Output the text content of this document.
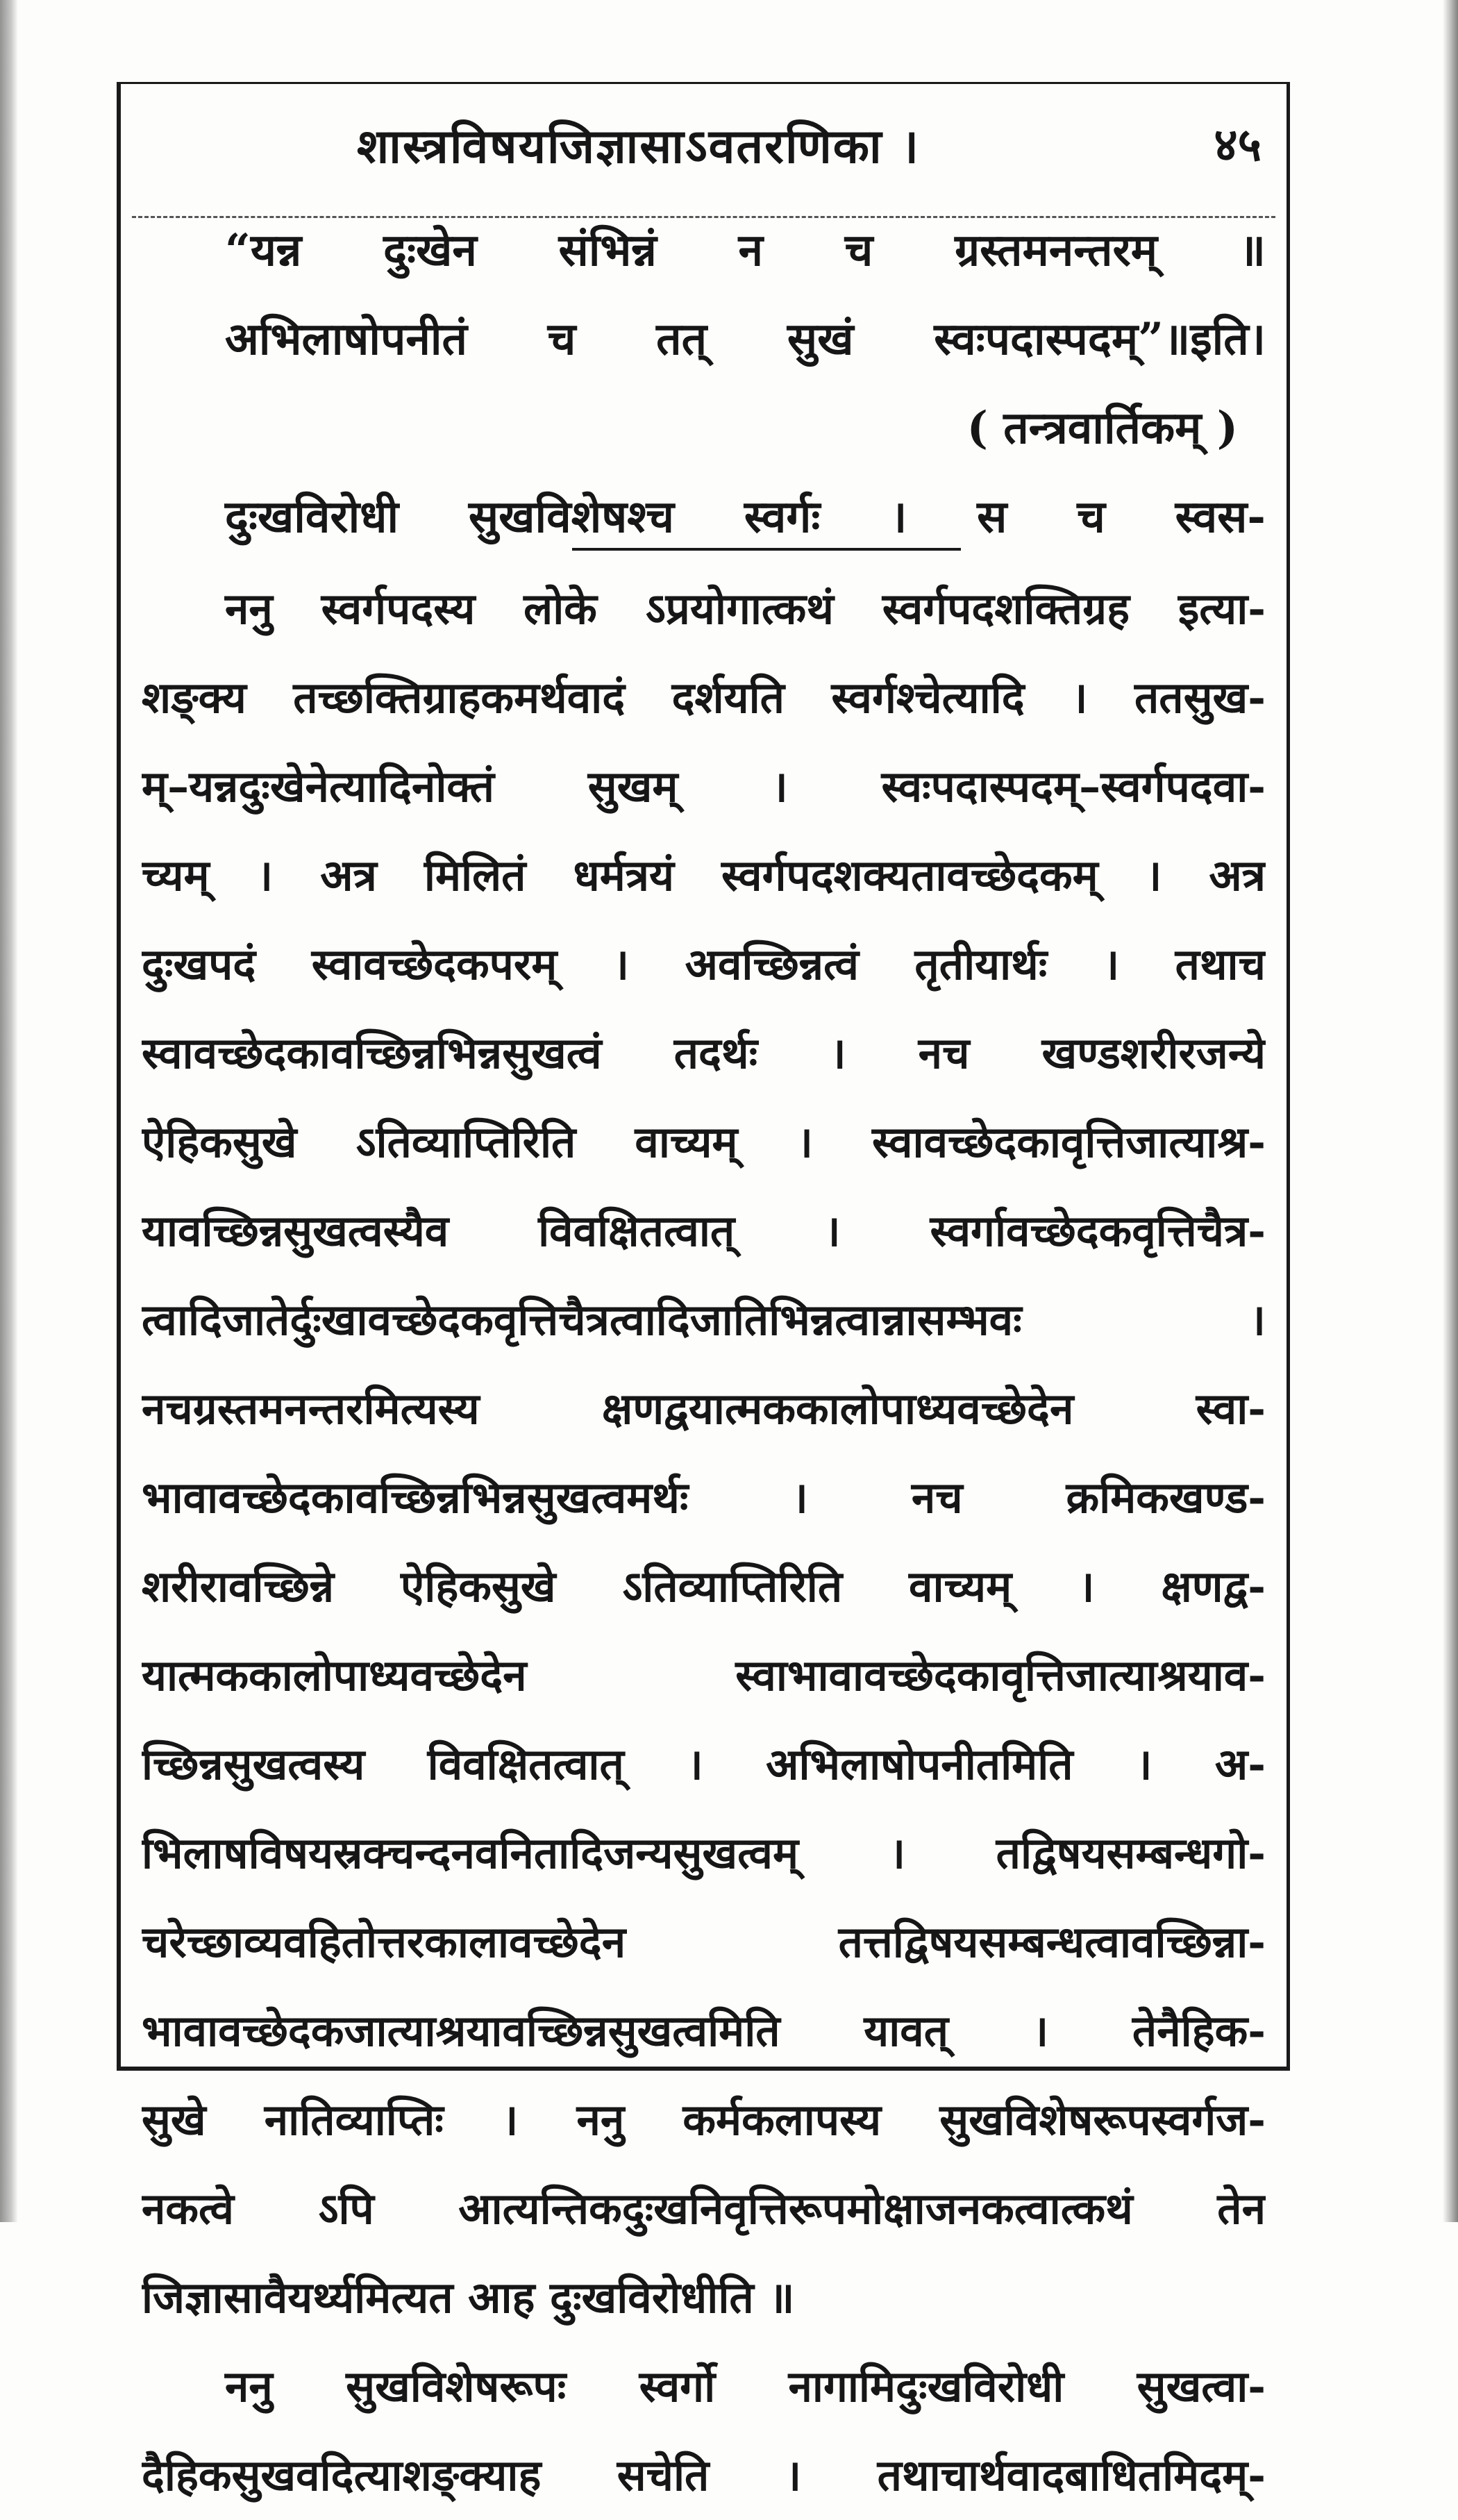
शास्त्रविषयजिज्ञासाऽवतरणिका ।	४५
“यन्न दुःखेन संभिन्नं न च ग्रस्तमनन्तरम् ॥
अभिलाषोपनीतं च तत् सुखं स्वःपदास्पदम्”॥इति।
( तन्त्रवार्तिकम् )
दुःखविरोधी सुखविशेषश्च स्वर्गः । स च स्वस-
ननु स्वर्गपदस्य लोके ऽप्रयोगात्कथं स्वर्गपदशक्तिग्रह इत्या-
शङ्क्य तच्छक्तिग्राहकमर्थवादं दर्शयति स्वर्गश्चेत्यादि । ततसुख-
म्–यन्नदुःखेनेत्यादिनोक्तं सुखम् । स्वःपदास्पदम्–स्वर्गपदवा-
च्यम् । अत्र मिलितं धर्मत्रयं स्वर्गपदशक्यतावच्छेदकम् । अत्र
दुःखपदं स्वावच्छेदकपरम् । अवच्छिन्नत्वं तृतीयार्थः । तथाच
स्वावच्छेदकावच्छिन्नभिन्नसुखत्वं तदर्थः । नच खण्डशरीरजन्ये
ऐहिकसुखे ऽतिव्याप्तिरिति वाच्यम् । स्वावच्छेदकावृत्तिजात्याश्र-
यावच्छिन्नसुखत्वस्यैव विवक्षितत्वात् । स्वर्गावच्छेदकवृत्तिचैत्र-
त्वादिजातेर्दुःखावच्छेदकवृत्तिचैत्रत्वादिजातिभिन्नत्वान्नासम्भवः ।
नचग्रस्तमनन्तरमित्यस्य क्षणद्वयात्मककालोपाध्यवच्छेदेन स्वा-
भावावच्छेदकावच्छिन्नभिन्नसुखत्वमर्थः । नच क्रमिकखण्ड-
शरीरावच्छिन्ने ऐहिकसुखे ऽतिव्याप्तिरिति वाच्यम् । क्षणद्व-
यात्मककालोपाध्यवच्छेदेन स्वाभावावच्छेदकावृत्तिजात्याश्रयाव-
च्छिन्नसुखत्वस्य विवक्षितत्वात् । अभिलाषोपनीतमिति । अ-
भिलाषविषयस्रक्चन्दनवनितादिजन्यसुखत्वम् । तद्विषयसम्बन्धगो-
चरेच्छाव्यवहितोत्तरकालावच्छेदेन तत्तद्विषयसम्बन्धत्वावच्छिन्ना-
भावावच्छेदकजात्याश्रयावच्छिन्नसुखत्वमिति यावत् । तेनैहिक-
सुखे नातिव्याप्तिः । ननु कर्मकलापस्य सुखविशेषरूपस्वर्गज-
नकत्वे ऽपि आत्यन्तिकदुःखनिवृत्तिरूपमोक्षाजनकत्वात्कथं तेन
जिज्ञासावैयर्थ्यमित्यत आह दुःखविरोधीति ॥
ननु सुखविशेषरूपः स्वर्गो नागामिदुःखविरोधी सुखत्वा-
दैहिकसुखवदित्याशङ्क्याह सचेति । तथाचार्थवादबाधितमिदम्-
